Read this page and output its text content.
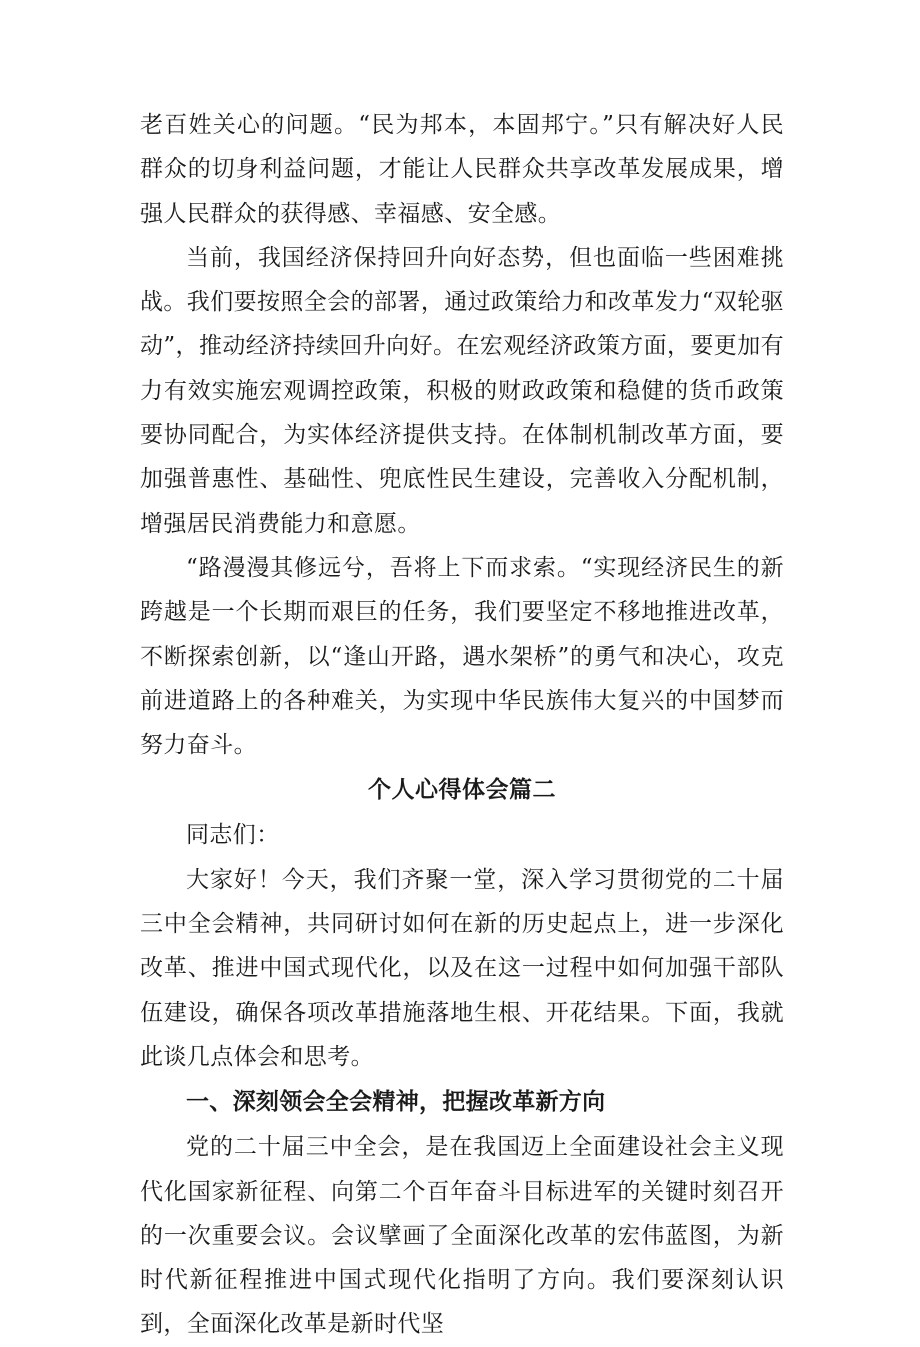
老百姓关心的问题。“民为邦本，本固邦宁。”只有解决好人民群众的切身利益问题，才能让人民群众共享改革发展成果，增强人民群众的获得感、幸福感、安全感。

当前，我国经济保持回升向好态势，但也面临一些困难挑战。我们要按照全会的部署，通过政策给力和改革发力“双轮驱动”，推动经济持续回升向好。在宏观经济政策方面，要更加有力有效实施宏观调控政策，积极的财政政策和稳健的货币政策要协同配合，为实体经济提供支持。在体制机制改革方面，要加强普惠性、基础性、兜底性民生建设，完善收入分配机制，增强居民消费能力和意愿。

“路漫漫其修远兮，吾将上下而求索。“实现经济民生的新跨越是一个长期而艰巨的任务，我们要坚定不移地推进改革，不断探索创新，以“逢山开路，遇水架桥”的勇气和决心，攻克前进道路上的各种难关，为实现中华民族伟大复兴的中国梦而努力奋斗。

个人心得体会篇二

同志们：

大家好！今天，我们齐聚一堂，深入学习贯彻党的二十届三中全会精神，共同研讨如何在新的历史起点上，进一步深化改革、推进中国式现代化，以及在这一过程中如何加强干部队伍建设，确保各项改革措施落地生根、开花结果。下面，我就此谈几点体会和思考。

一、深刻领会全会精神，把握改革新方向

党的二十届三中全会，是在我国迈上全面建设社会主义现代化国家新征程、向第二个百年奋斗目标进军的关键时刻召开的一次重要会议。会议擘画了全面深化改革的宏伟蓝图，为新时代新征程推进中国式现代化指明了方向。我们要深刻认识到，全面深化改革是新时代坚
